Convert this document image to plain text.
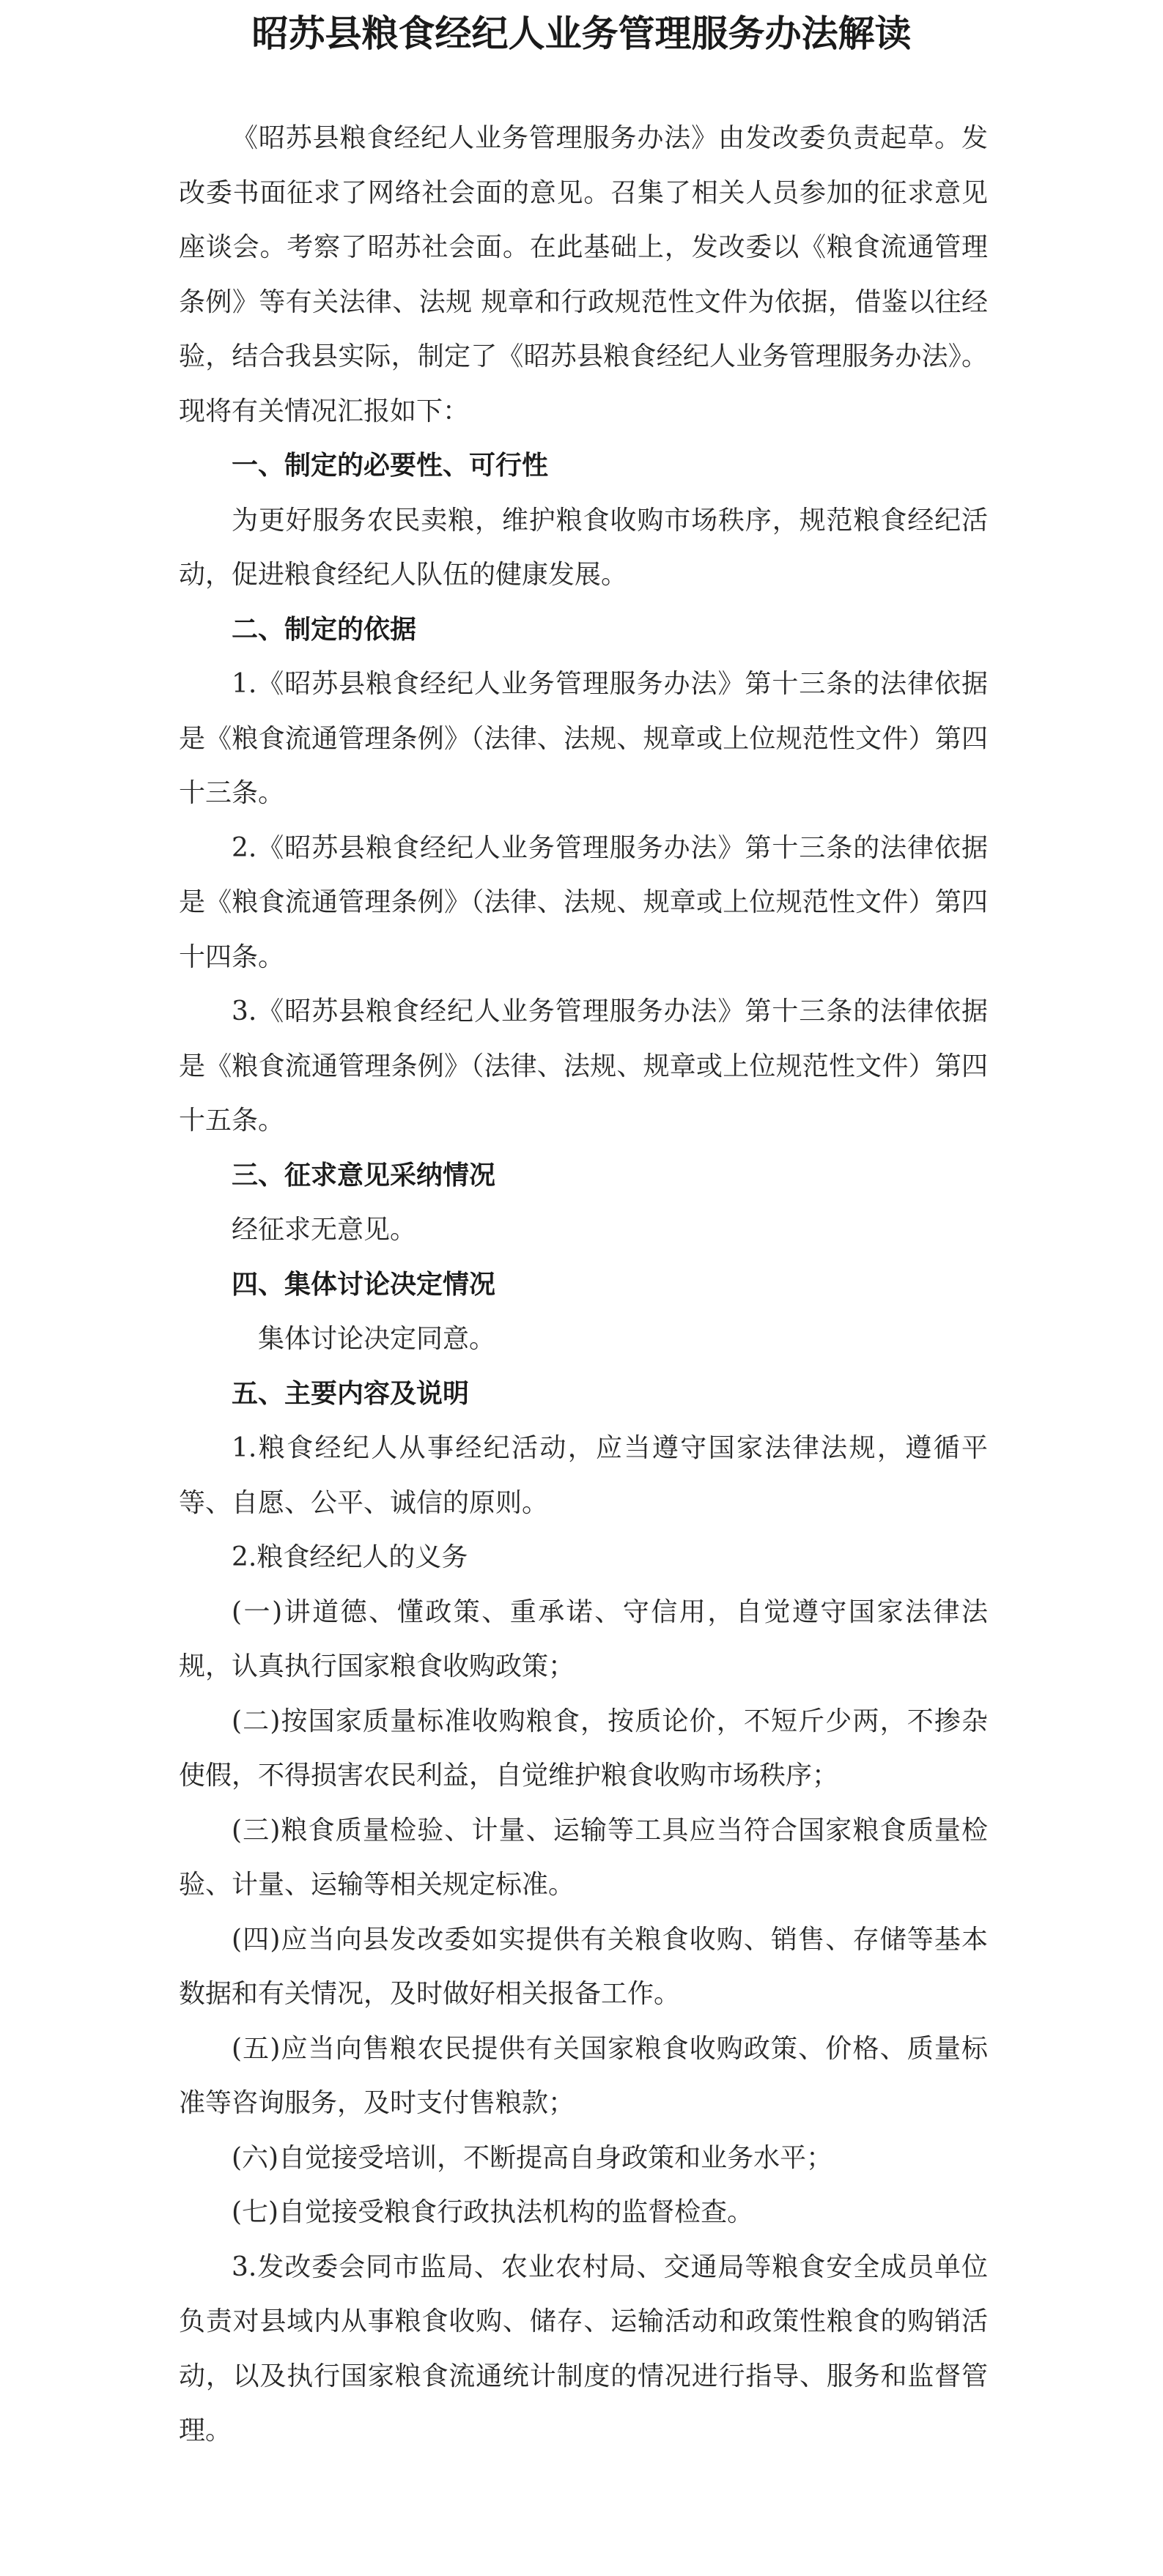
昭苏县粮食经纪人业务管理服务办法解读

《昭苏县粮食经纪人业务管理服务办法》由发改委负责起草。发改委书面征求了网络社会面的意见。召集了相关人员参加的征求意见座谈会。考察了昭苏社会面。在此基础上，发改委以《粮食流通管理条例》等有关法律、法规 规章和行政规范性文件为依据，借鉴以往经验，结合我县实际，制定了《昭苏县粮食经纪人业务管理服务办法》。现将有关情况汇报如下：

一、制定的必要性、可行性

为更好服务农民卖粮，维护粮食收购市场秩序，规范粮食经纪活动，促进粮食经纪人队伍的健康发展。

二、制定的依据

1.《昭苏县粮食经纪人业务管理服务办法》第十三条的法律依据是《粮食流通管理条例》（法律、法规、规章或上位规范性文件）第四十三条。

2.《昭苏县粮食经纪人业务管理服务办法》第十三条的法律依据是《粮食流通管理条例》（法律、法规、规章或上位规范性文件）第四十四条。

3.《昭苏县粮食经纪人业务管理服务办法》第十三条的法律依据是《粮食流通管理条例》（法律、法规、规章或上位规范性文件）第四十五条。

三、征求意见采纳情况

经征求无意见。

四、集体讨论决定情况

集体讨论决定同意。

五、主要内容及说明

1.粮食经纪人从事经纪活动，应当遵守国家法律法规，遵循平等、自愿、公平、诚信的原则。

2.粮食经纪人的义务

(一)讲道德、懂政策、重承诺、守信用，自觉遵守国家法律法规，认真执行国家粮食收购政策；

(二)按国家质量标准收购粮食，按质论价，不短斤少两，不掺杂使假，不得损害农民利益，自觉维护粮食收购市场秩序；

(三)粮食质量检验、计量、运输等工具应当符合国家粮食质量检验、计量、运输等相关规定标准。

(四)应当向县发改委如实提供有关粮食收购、销售、存储等基本数据和有关情况，及时做好相关报备工作。

(五)应当向售粮农民提供有关国家粮食收购政策、价格、质量标准等咨询服务，及时支付售粮款；

(六)自觉接受培训，不断提高自身政策和业务水平；

(七)自觉接受粮食行政执法机构的监督检查。

3.发改委会同市监局、农业农村局、交通局等粮食安全成员单位负责对县域内从事粮食收购、储存、运输活动和政策性粮食的购销活动，以及执行国家粮食流通统计制度的情况进行指导、服务和监督管理。
